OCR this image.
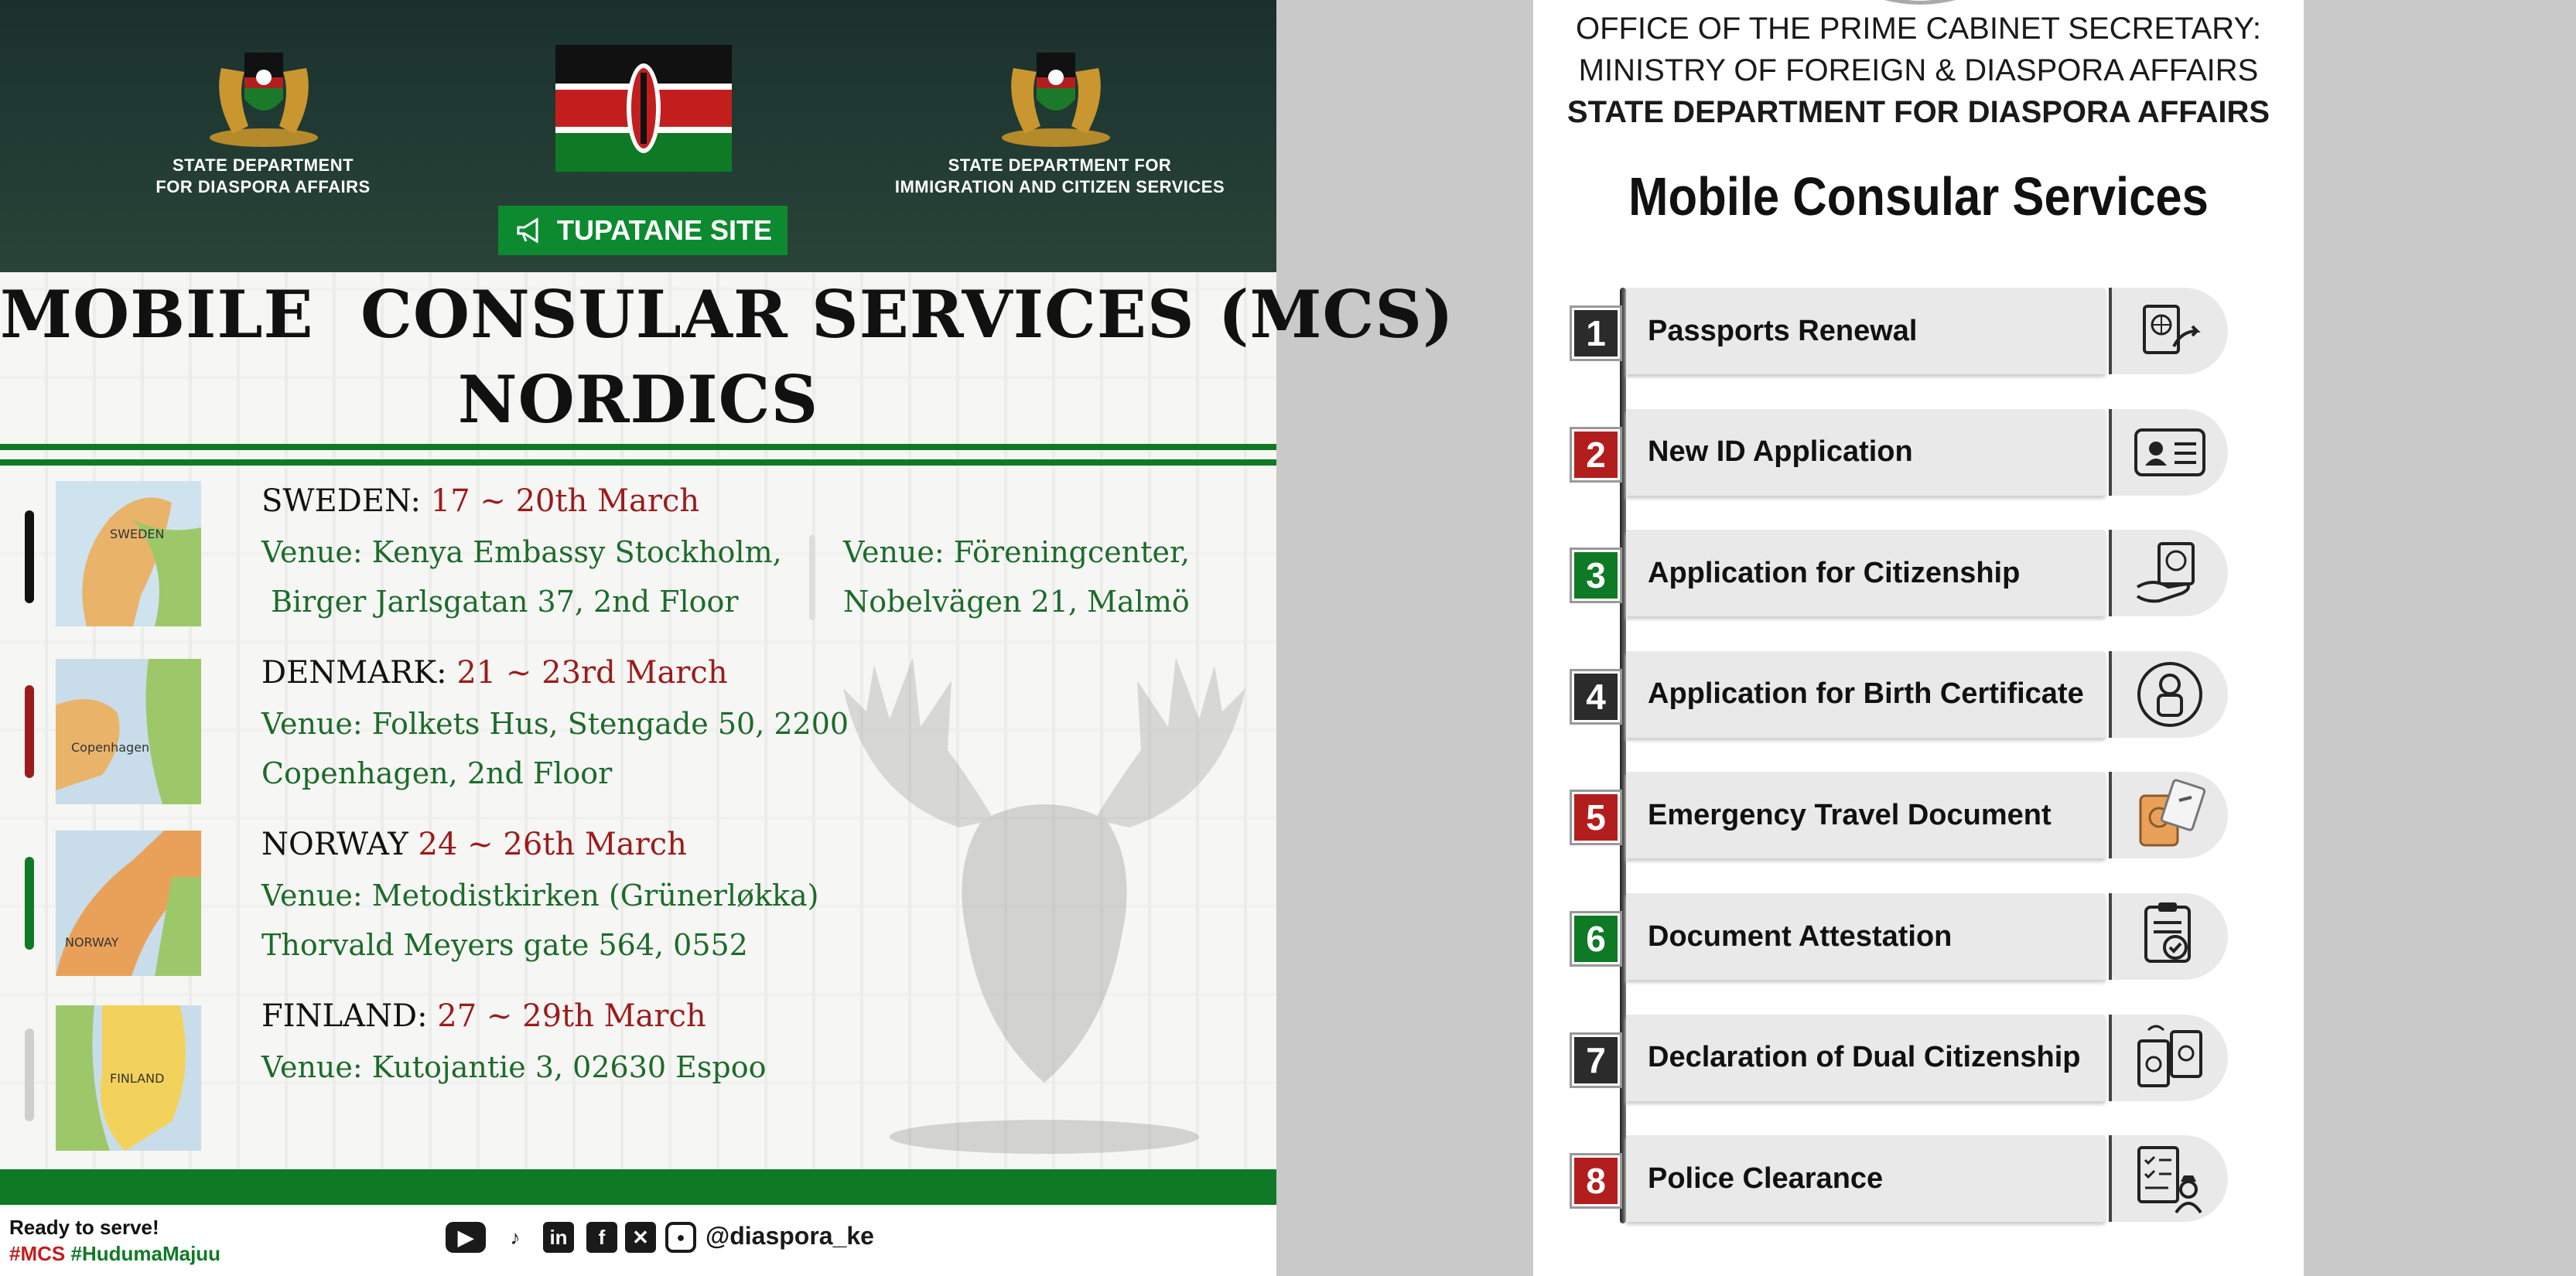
STATE DEPARTMENT
FOR DIASPORA AFFAIRS
TUPATANE SITE
STATE DEPARTMENT FOR
IMMIGRATION AND CITIZEN SERVICES
MOBILE  CONSULAR SERVICES (MCS)
NORDICS
SWEDEN
SWEDEN: 17 ~ 20th March
Venue: Kenya Embassy Stockholm,
Birger Jarlsgatan 37, 2nd Floor
Venue: Föreningcenter,
Nobelvägen 21, Malmö
Copenhagen
DENMARK: 21 ~ 23rd March
Venue: Folkets Hus, Stengade 50, 2200
Copenhagen, 2nd Floor
NORWAY
NORWAY 24 ~ 26th March
Venue: Metodistkirken (Grünerløkka)
Thorvald Meyers gate 564, 0552
FINLAND
FINLAND: 27 ~ 29th March
Venue: Kutojantie 3, 02630 Espoo
Ready to serve!
#MCS #HudumaMajuu
▶	♪	in	f	✕	● @diaspora_ke
OFFICE OF THE PRIME CABINET SECRETARY:
MINISTRY OF FOREIGN & DIASPORA AFFAIRS
STATE DEPARTMENT FOR DIASPORA AFFAIRS
Mobile Consular Services
1	Passports Renewal
2	New ID Application
3	Application for Citizenship
4	Application for Birth Certificate
5	Emergency Travel Document
6	Document Attestation
7	Declaration of Dual Citizenship
8	Police Clearance
